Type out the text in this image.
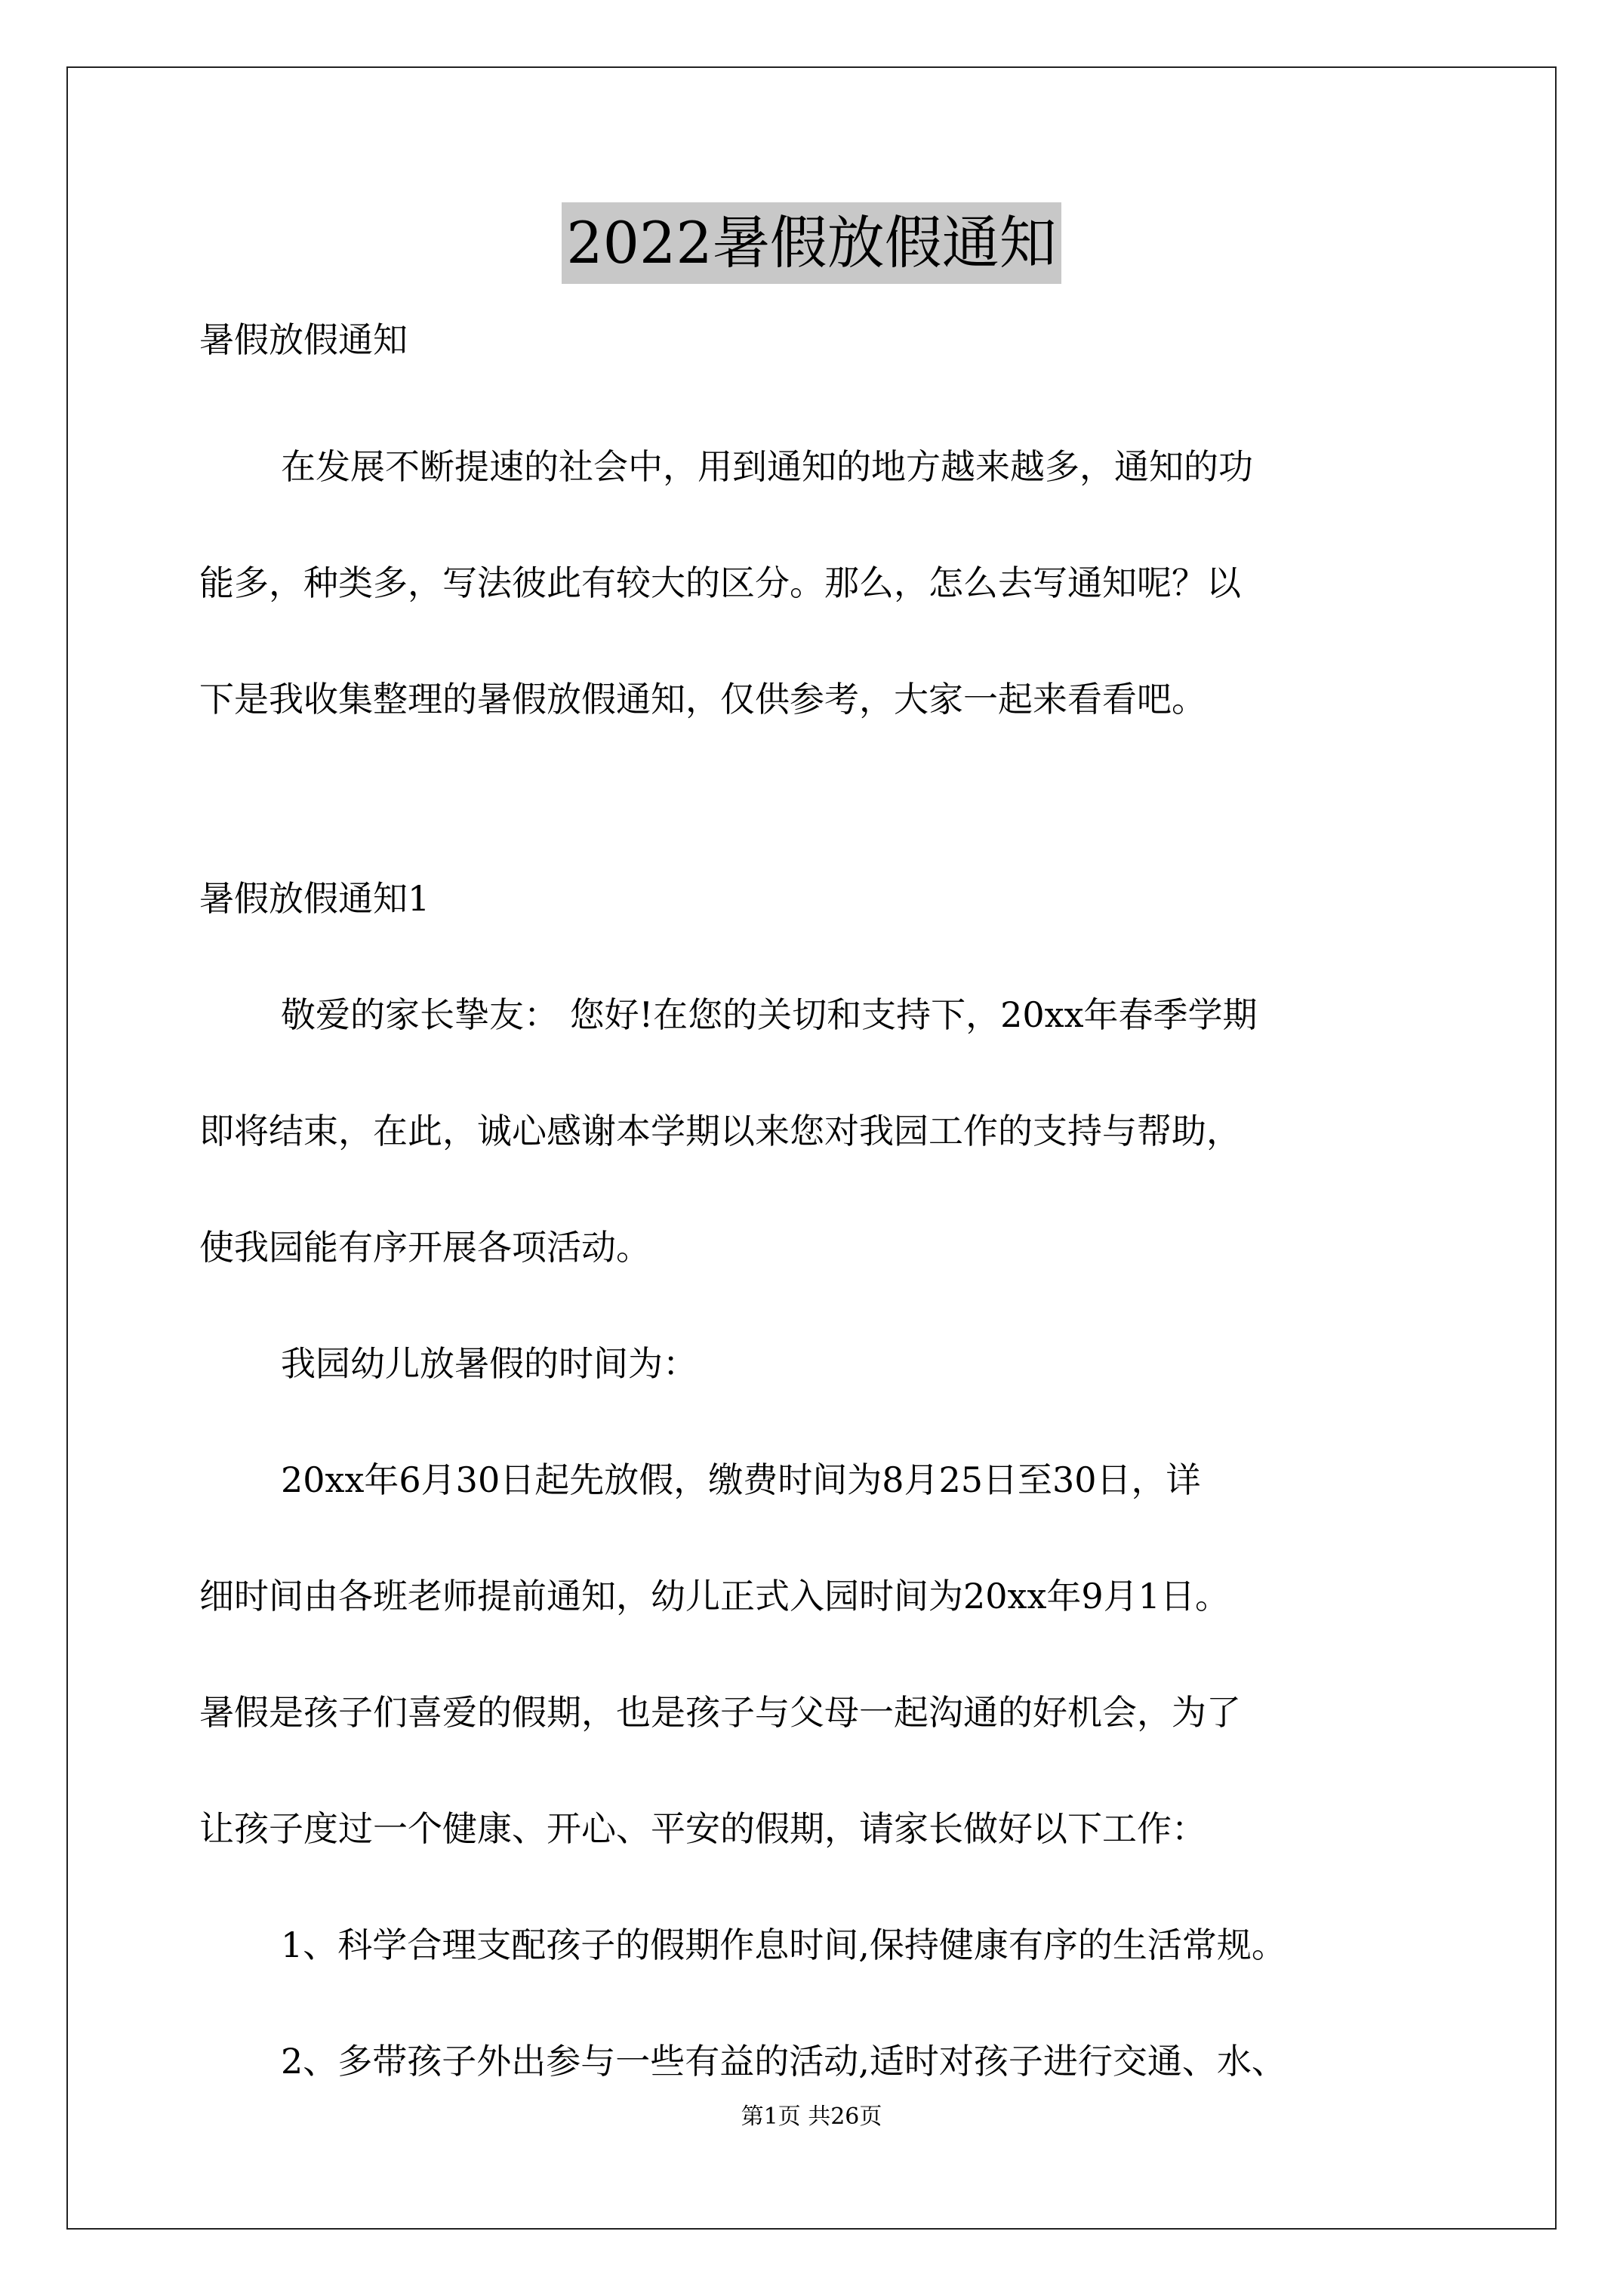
2022暑假放假通知
暑假放假通知
在发展不断提速的社会中，用到通知的地方越来越多，通知的功
能多，种类多，写法彼此有较大的区分。那么，怎么去写通知呢？以
下是我收集整理的暑假放假通知，仅供参考，大家一起来看看吧。
暑假放假通知1
敬爱的家长挚友： 您好!在您的关切和支持下，20xx年春季学期
即将结束，在此，诚心感谢本学期以来您对我园工作的支持与帮助，
使我园能有序开展各项活动。
我园幼儿放暑假的时间为：
20xx年6月30日起先放假，缴费时间为8月25日至30日，详
细时间由各班老师提前通知，幼儿正式入园时间为20xx年9月1日。
暑假是孩子们喜爱的假期，也是孩子与父母一起沟通的好机会，为了
让孩子度过一个健康、开心、平安的假期，请家长做好以下工作：
1、科学合理支配孩子的假期作息时间,保持健康有序的生活常规。
第1页 共26页
2、多带孩子外出参与一些有益的活动,适时对孩子进行交通、水、
